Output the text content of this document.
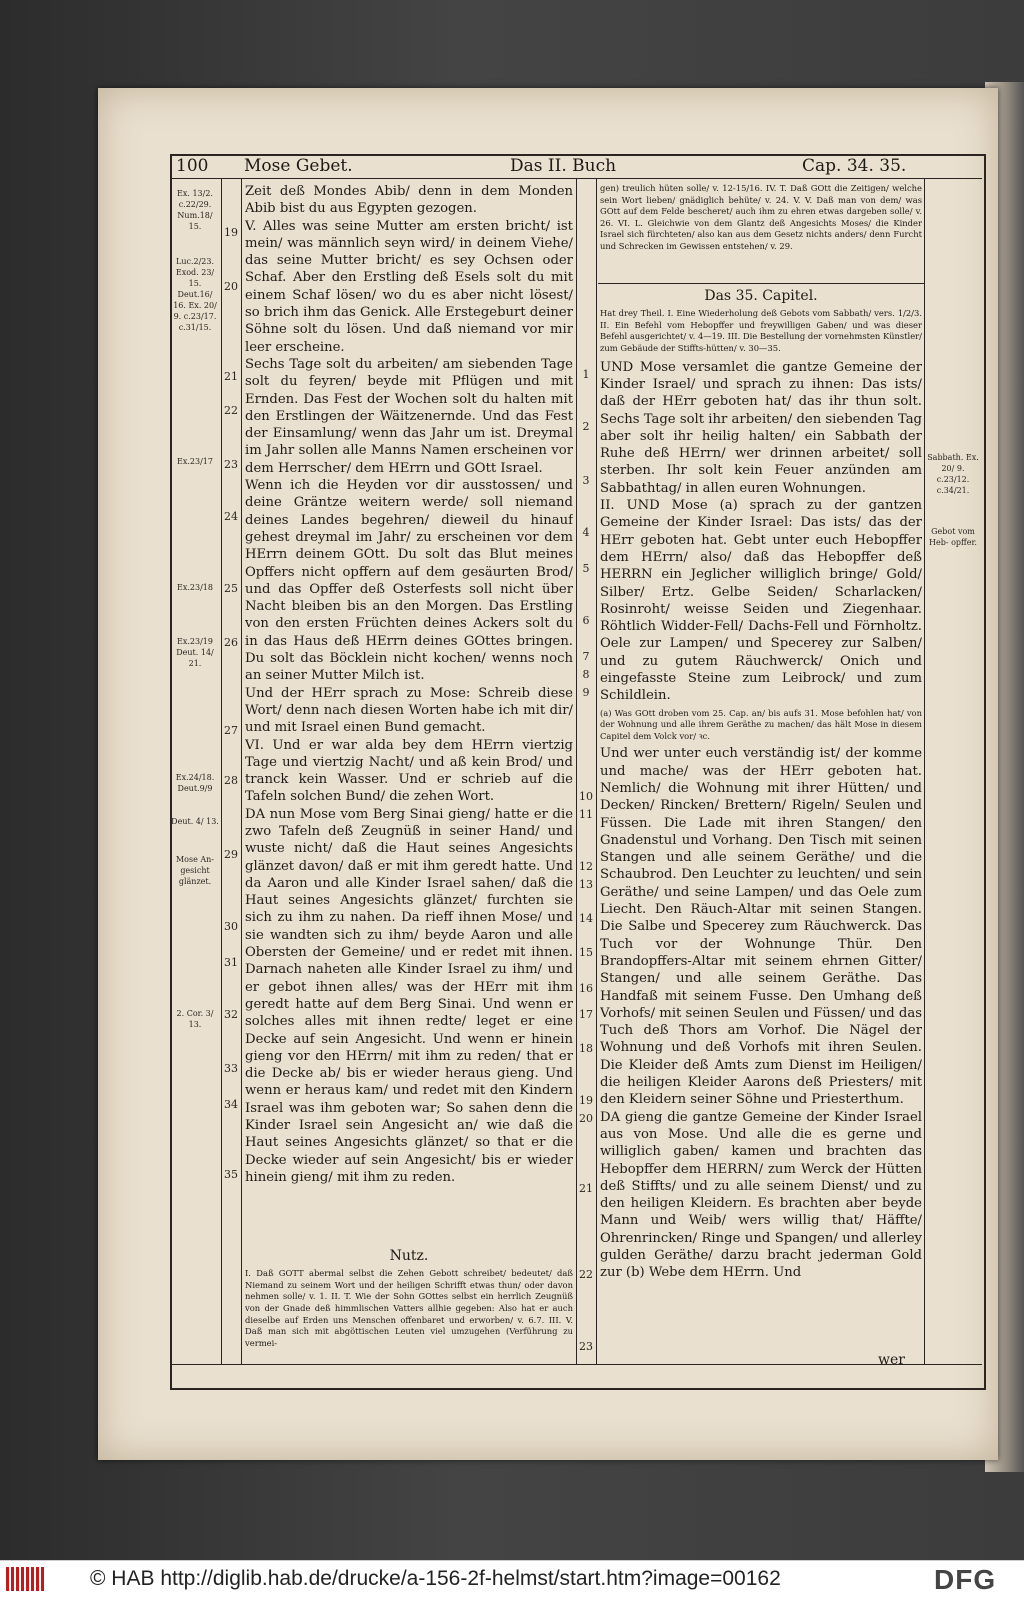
100 Mose Gebet.	Das II. Buch	Cap. 34. 35.
Ex. 13/2. c.22/29. Num.18/ 15.
Luc.2/23. Exod. 23/ 15. Deut.16/ 16. Ex. 20/ 9. c.23/17. c.31/15.
Ex.23/17
Ex.23/18
Ex.23/19 Deut. 14/ 21.
Ex.24/18. Deut.9/9
Deut. 4/ 13.
Mose An- gesicht glänzet.
2. Cor. 3/ 13.
Sabbath. Ex. 20/ 9. c.23/12. c.34/21.
Gebot vom Heb- opffer.
19
20
21
22
23
24
25
26
27
28
29
30
31
32
33
34
35
1
2
3
4
5
6
7
8
9
10
11
12
13
14
15
16
17
18
19
20
21
22
23

Zeit deß Mondes Abib/ denn in dem Monden Abib bist du aus Egypten gezogen.

V. Alles was seine Mutter am ersten bricht/ ist mein/ was männlich seyn wird/ in deinem Viehe/ das seine Mutter bricht/ es sey Ochsen oder Schaf. Aber den Erstling deß Esels solt du mit einem Schaf lösen/ wo du es aber nicht lösest/ so brich ihm das Genick. Alle Erstegeburt deiner Söhne solt du lösen. Und daß niemand vor mir leer erscheine.

Sechs Tage solt du arbeiten/ am siebenden Tage solt du feyren/ beyde mit Pflügen und mit Ernden. Das Fest der Wochen solt du halten mit den Erstlingen der Wäitzenernde. Und das Fest der Einsamlung/ wenn das Jahr um ist. Dreymal im Jahr sollen alle Manns Namen erscheinen vor dem Herrscher/ dem HErrn und GOtt Israel.

Wenn ich die Heyden vor dir ausstossen/ und deine Gräntze weitern werde/ soll niemand deines Landes begehren/ dieweil du hinauf gehest dreymal im Jahr/ zu erscheinen vor dem HErrn deinem GOtt. Du solt das Blut meines Opffers nicht opffern auf dem gesäurten Brod/ und das Opffer deß Osterfests soll nicht über Nacht bleiben bis an den Morgen. Das Erstling von den ersten Früchten deines Ackers solt du in das Haus deß HErrn deines GOttes bringen. Du solt das Böcklein nicht kochen/ wenns noch an seiner Mutter Milch ist.

Und der HErr sprach zu Mose: Schreib diese Wort/ denn nach diesen Worten habe ich mit dir/ und mit Israel einen Bund gemacht.

VI. Und er war alda bey dem HErrn viertzig Tage und viertzig Nacht/ und aß kein Brod/ und tranck kein Wasser. Und er schrieb auf die Tafeln solchen Bund/ die zehen Wort.

DA nun Mose vom Berg Sinai gieng/ hatte er die zwo Tafeln deß Zeugnüß in seiner Hand/ und wuste nicht/ daß die Haut seines Angesichts glänzet davon/ daß er mit ihm geredt hatte. Und da Aaron und alle Kinder Israel sahen/ daß die Haut seines Angesichts glänzet/ furchten sie sich zu ihm zu nahen. Da rieff ihnen Mose/ und sie wandten sich zu ihm/ beyde Aaron und alle Obersten der Gemeine/ und er redet mit ihnen. Darnach naheten alle Kinder Israel zu ihm/ und er gebot ihnen alles/ was der HErr mit ihm geredt hatte auf dem Berg Sinai. Und wenn er solches alles mit ihnen redte/ leget er eine Decke auf sein Angesicht. Und wenn er hinein gieng vor den HErrn/ mit ihm zu reden/ that er die Decke ab/ bis er wieder heraus gieng. Und wenn er heraus kam/ und redet mit den Kindern Israel was ihm geboten war; So sahen denn die Kinder Israel sein Angesicht an/ wie daß die Haut seines Angesichts glänzet/ so that er die Decke wieder auf sein Angesicht/ bis er wieder hinein gieng/ mit ihm zu reden.

Nutz.

I. Daß GOTT abermal selbst die Zehen Gebott schreibet/ bedeutet/ daß Niemand zu seinem Wort und der heiligen Schrifft etwas thun/ oder davon nehmen solle/ v. 1. II. T. Wie der Sohn GOttes selbst ein herrlich Zeugnüß von der Gnade deß himmlischen Vatters allhie gegeben: Also hat er auch dieselbe auf Erden uns Menschen offenbaret und erworben/ v. 6.7. III. V. Daß man sich mit abgöttischen Leuten viel umzugehen (Verführung zu vermei-

gen) treulich hüten solle/ v. 12-15/16. IV. T. Daß GOtt die Zeitigen/ welche sein Wort lieben/ gnädiglich behüte/ v. 24. V. V. Daß man von dem/ was GOtt auf dem Felde bescheret/ auch ihm zu ehren etwas dargeben solle/ v. 26. VI. L. Gleichwie von dem Glantz deß Angesichts Moses/ die Kinder Israel sich fürchteten/ also kan aus dem Gesetz nichts anders/ denn Furcht und Schrecken im Gewissen entstehen/ v. 29.

Das 35. Capitel.

Hat drey Theil. I. Eine Wiederholung deß Gebots vom Sabbath/ vers. 1/2/3. II. Ein Befehl vom Hebopffer und freywilligen Gaben/ und was dieser Befehl ausgerichtet/ v. 4—19. III. Die Bestellung der vornehmsten Künstler/ zum Gebäude der Stiffts-hütten/ v. 30—35.

UND Mose versamlet die gantze Gemeine der Kinder Israel/ und sprach zu ihnen: Das ists/ daß der HErr geboten hat/ das ihr thun solt. Sechs Tage solt ihr arbeiten/ den siebenden Tag aber solt ihr heilig halten/ ein Sabbath der Ruhe deß HErrn/ wer drinnen arbeitet/ soll sterben. Ihr solt kein Feuer anzünden am Sabbathtag/ in allen euren Wohnungen.

II. UND Mose (a) sprach zu der gantzen Gemeine der Kinder Israel: Das ists/ das der HErr geboten hat. Gebt unter euch Hebopffer dem HErrn/ also/ daß das Hebopffer deß HERRN ein Jeglicher williglich bringe/ Gold/ Silber/ Ertz. Gelbe Seiden/ Scharlacken/ Rosinroht/ weisse Seiden und Ziegenhaar. Röhtlich Widder-Fell/ Dachs-Fell und Förnholtz. Oele zur Lampen/ und Specerey zur Salben/ und zu gutem Räuchwerck/ Onich und eingefasste Steine zum Leibrock/ und zum Schildlein.

(a) Was GOtt droben vom 25. Cap. an/ bis aufs 31. Mose befohlen hat/ von der Wohnung und alle ihrem Geräthe zu machen/ das hält Mose in diesem Capitel dem Volck vor/ ꝛc.

Und wer unter euch verständig ist/ der komme und mache/ was der HErr geboten hat. Nemlich/ die Wohnung mit ihrer Hütten/ und Decken/ Rincken/ Brettern/ Rigeln/ Seulen und Füssen. Die Lade mit ihren Stangen/ den Gnadenstul und Vorhang. Den Tisch mit seinen Stangen und alle seinem Geräthe/ und die Schaubrod. Den Leuchter zu leuchten/ und sein Geräthe/ und seine Lampen/ und das Oele zum Liecht. Den Räuch-Altar mit seinen Stangen. Die Salbe und Specerey zum Räuchwerck. Das Tuch vor der Wohnunge Thür. Den Brandopffers-Altar mit seinem ehrnen Gitter/ Stangen/ und alle seinem Geräthe. Das Handfaß mit seinem Fusse. Den Umhang deß Vorhofs/ mit seinen Seulen und Füssen/ und das Tuch deß Thors am Vorhof. Die Nägel der Wohnung und deß Vorhofs mit ihren Seulen. Die Kleider deß Amts zum Dienst im Heiligen/ die heiligen Kleider Aarons deß Priesters/ mit den Kleidern seiner Söhne und Priesterthum.

DA gieng die gantze Gemeine der Kinder Israel aus von Mose. Und alle die es gerne und williglich gaben/ kamen und brachten das Hebopffer dem HERRN/ zum Werck der Hütten deß Stiffts/ und zu alle seinem Dienst/ und zu den heiligen Kleidern. Es brachten aber beyde Mann und Weib/ wers willig that/ Häffte/ Ohrenrincken/ Ringe und Spangen/ und allerley gulden Geräthe/ darzu bracht jederman Gold zur (b) Webe dem HErrn. Und

wer
© HAB http://diglib.hab.de/drucke/a-156-2f-helmst/start.htm?image=00162	DFG
